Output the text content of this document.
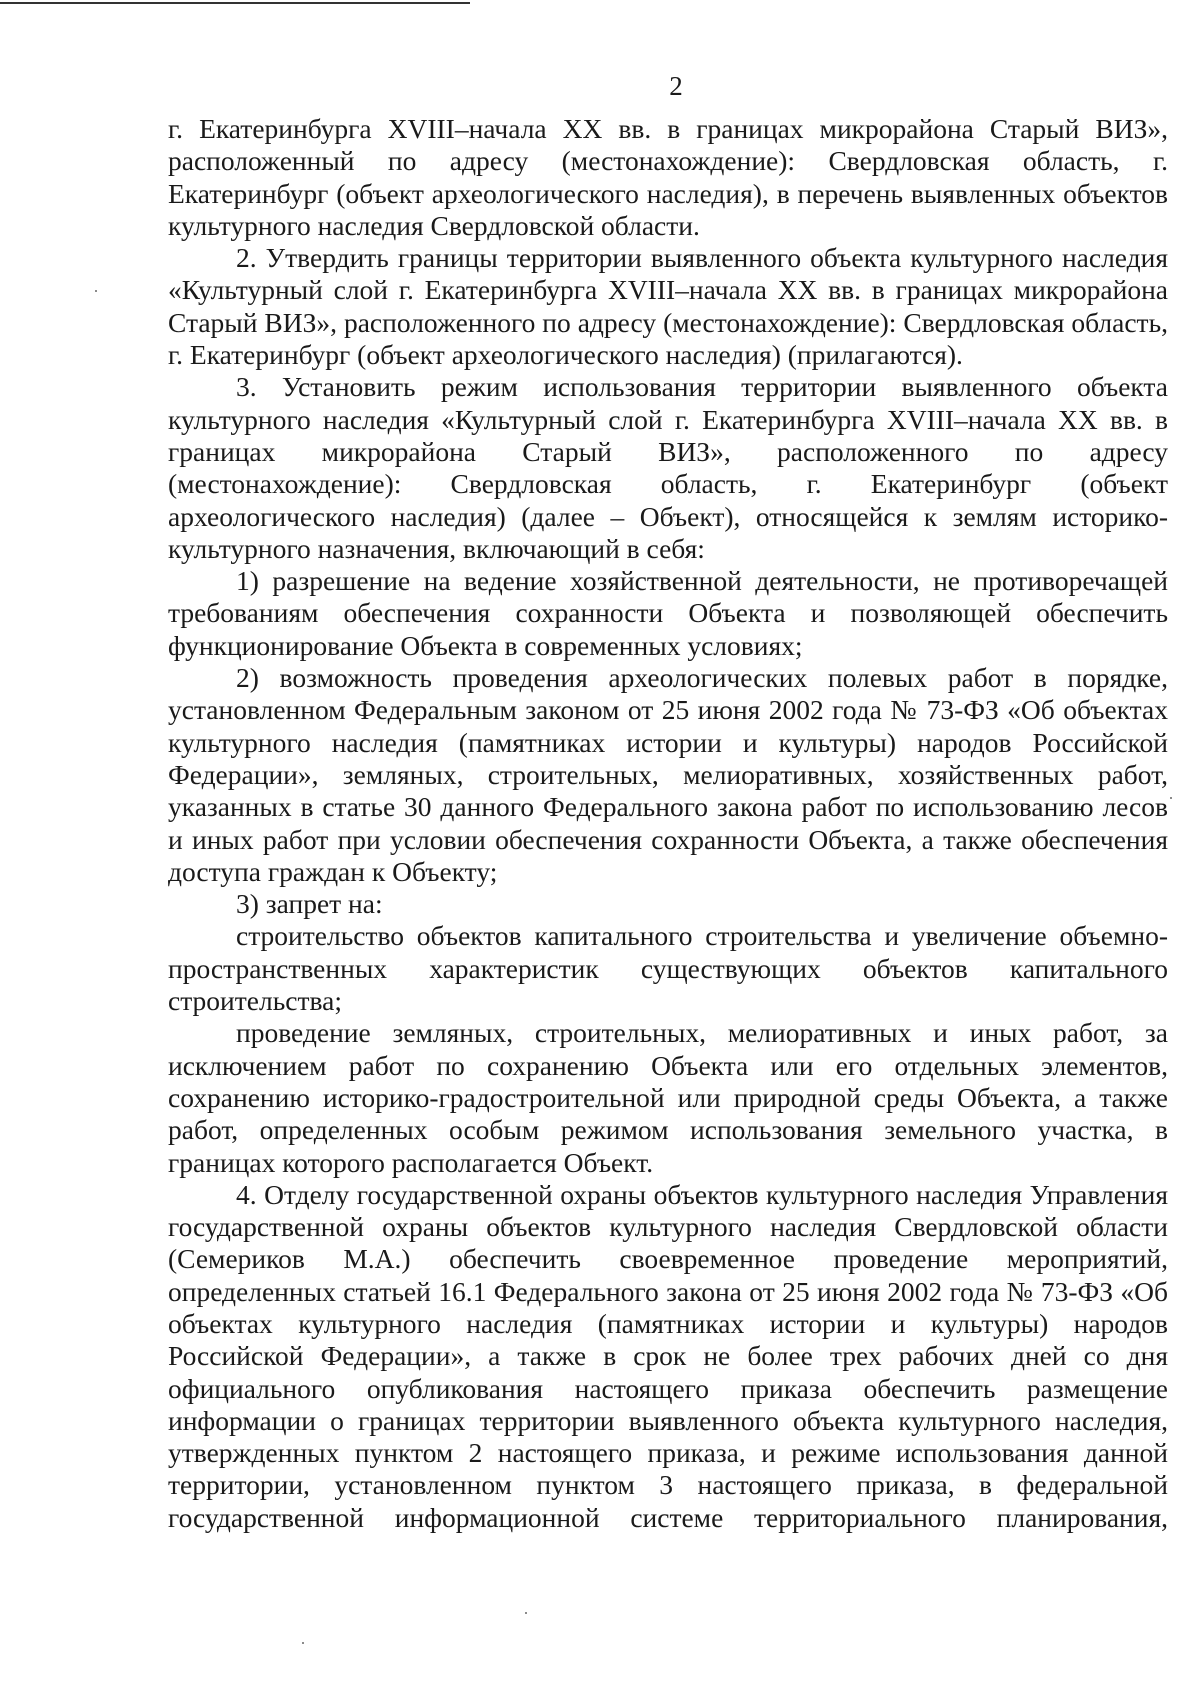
2

г. Екатеринбурга XVIII–начала XX вв. в границах микрорайона Старый ВИЗ», расположенный по адресу (местонахождение): Свердловская область, г. Екатеринбург (объект археологического наследия), в перечень выявленных объектов культурного наследия Свердловской области.

2. Утвердить границы территории выявленного объекта культурного наследия «Культурный слой г. Екатеринбурга XVIII–начала XX вв. в границах микрорайона Старый ВИЗ», расположенного по адресу (местонахождение): Свердловская область, г. Екатеринбург (объект археологического наследия) (прилагаются).

3. Установить режим использования территории выявленного объекта культурного наследия «Культурный слой г. Екатеринбурга XVIII–начала XX вв. в границах микрорайона Старый ВИЗ», расположенного по адресу (местонахождение): Свердловская область, г. Екатеринбург (объект археологического наследия) (далее – Объект), относящейся к землям историко-культурного назначения, включающий в себя:

1) разрешение на ведение хозяйственной деятельности, не противоречащей требованиям обеспечения сохранности Объекта и позволяющей обеспечить функционирование Объекта в современных условиях;

2) возможность проведения археологических полевых работ в порядке, установленном Федеральным законом от 25 июня 2002 года № 73-ФЗ «Об объектах культурного наследия (памятниках истории и культуры) народов Российской Федерации», земляных, строительных, мелиоративных, хозяйственных работ, указанных в статье 30 данного Федерального закона работ по использованию лесов и иных работ при условии обеспечения сохранности Объекта, а также обеспечения доступа граждан к Объекту;

3) запрет на:

строительство объектов капитального строительства и увеличение объемно-пространственных характеристик существующих объектов капитального строительства;

проведение земляных, строительных, мелиоративных и иных работ, за исключением работ по сохранению Объекта или его отдельных элементов, сохранению историко-градостроительной или природной среды Объекта, а также работ, определенных особым режимом использования земельного участка, в границах которого располагается Объект.

4. Отделу государственной охраны объектов культурного наследия Управления государственной охраны объектов культурного наследия Свердловской области (Семериков М.А.) обеспечить своевременное проведение мероприятий, определенных статьей 16.1 Федерального закона от 25 июня 2002 года № 73-ФЗ «Об объектах культурного наследия (памятниках истории и культуры) народов Российской Федерации», а также в срок не более трех рабочих дней со дня официального опубликования настоящего приказа обеспечить размещение информации о границах территории выявленного объекта культурного наследия, утвержденных пунктом 2 настоящего приказа, и режиме использования данной территории, установленном пунктом 3 настоящего приказа, в федеральной государственной информационной системе территориального планирования,
